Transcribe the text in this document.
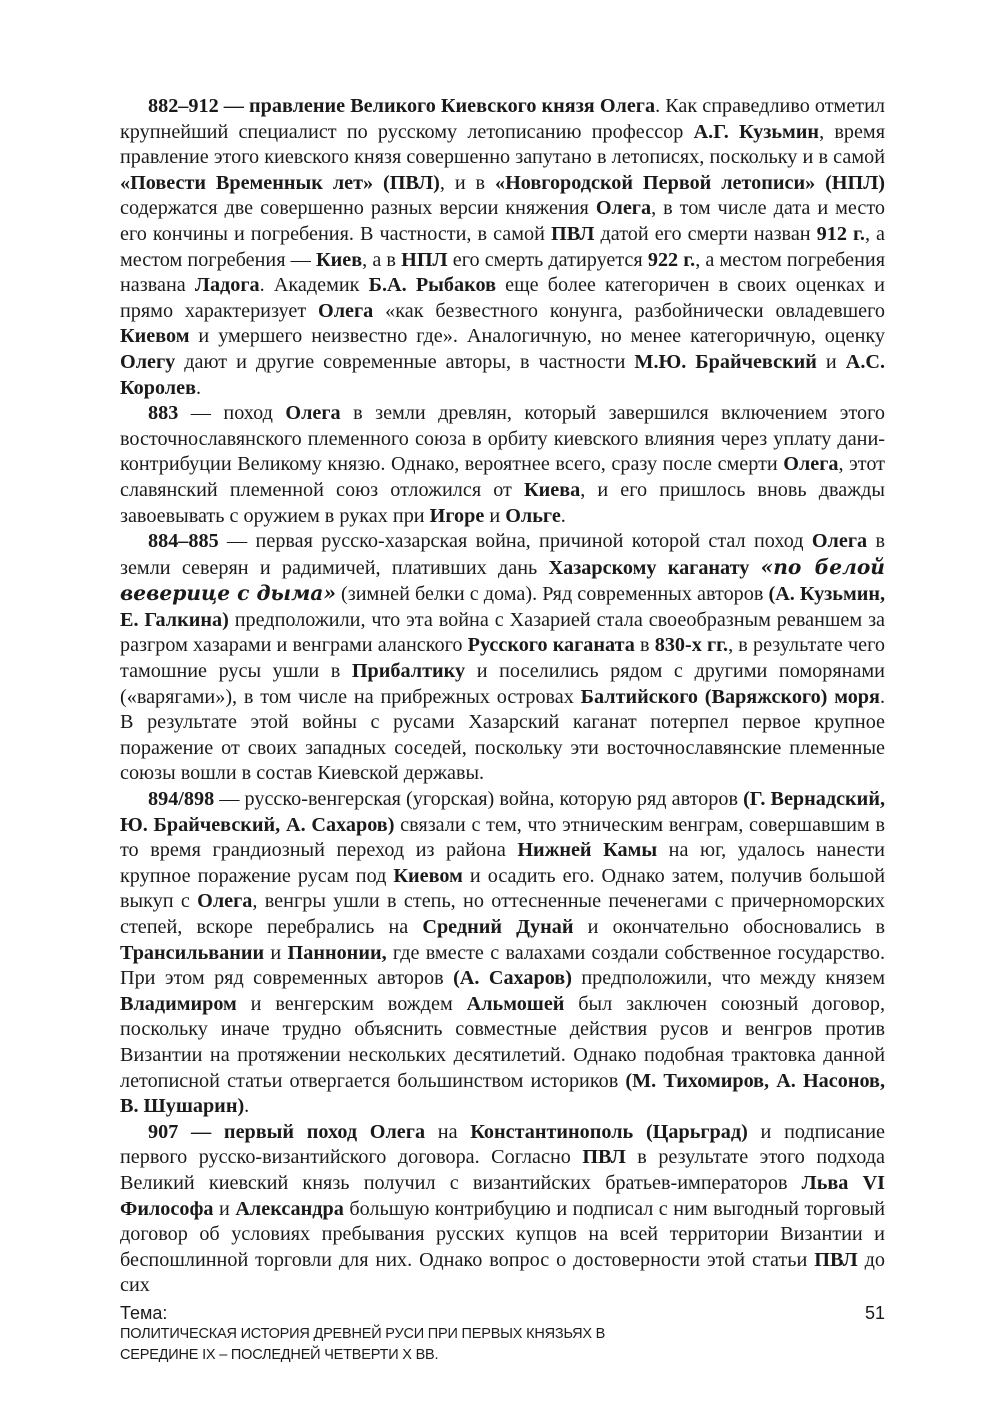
882–912 — правление Великого Киевского князя Олега. Как справедливо отметил крупнейший специалист по русскому летописанию профессор А.Г. Кузьмин, время правление этого киевского князя совершенно запутано в летописях, поскольку и в самой «Повести Временнык лет» (ПВЛ), и в «Новгородской Первой летописи» (НПЛ) содержатся две совершенно разных версии княжения Олега, в том числе дата и место его кончины и погребения. В частности, в самой ПВЛ датой его смерти назван 912 г., а местом погребения — Киев, а в НПЛ его смерть датируется 922 г., а местом погребения названа Ладога. Академик Б.А. Рыбаков еще более категоричен в своих оценках и прямо характеризует Олега «как безвестного конунга, разбойнически овладевшего Киевом и умершего неизвестно где». Аналогичную, но менее категоричную, оценку Олегу дают и другие современные авторы, в частности М.Ю. Брайчевский и А.С. Королев.

883 — поход Олега в земли древлян, который завершился включением этого восточнославянского племенного союза в орбиту киевского влияния через уплату дани-контрибуции Великому князю. Однако, вероятнее всего, сразу после смерти Олега, этот славянский племенной союз отложился от Киева, и его пришлось вновь дважды завоевывать с оружием в руках при Игоре и Ольге.

884–885 — первая русско-хазарская война, причиной которой стал поход Олега в земли северян и радимичей, плативших дань Хазарскому каганату «по белой веверице с дыма» (зимней белки с дома). Ряд современных авторов (А. Кузьмин, Е. Галкина) предположили, что эта война с Хазарией стала своеобразным реваншем за разгром хазарами и венграми аланского Русского каганата в 830-х гг., в результате чего тамошние русы ушли в Прибалтику и поселились рядом с другими поморянами («варягами»), в том числе на прибрежных островах Балтийского (Варяжского) моря. В результате этой войны с русами Хазарский каганат потерпел первое крупное поражение от своих западных соседей, поскольку эти восточнославянские племенные союзы вошли в состав Киевской державы.

894/898 — русско-венгерская (угорская) война, которую ряд авторов (Г. Вернадский, Ю. Брайчевский, А. Сахаров) связали с тем, что этническим венграм, совершавшим в то время грандиозный переход из района Нижней Камы на юг, удалось нанести крупное поражение русам под Киевом и осадить его. Однако затем, получив большой выкуп с Олега, венгры ушли в степь, но оттесненные печенегами с причерноморских степей, вскоре перебрались на Средний Дунай и окончательно обосновались в Трансильвании и Паннонии, где вместе с валахами создали собственное государство. При этом ряд современных авторов (А. Сахаров) предположили, что между князем Владимиром и венгерским вождем Альмошей был заключен союзный договор, поскольку иначе трудно объяснить совместные действия русов и венгров против Византии на протяжении нескольких десятилетий. Однако подобная трактовка данной летописной статьи отвергается большинством историков (М. Тихомиров, А. Насонов, В. Шушарин).

907 — первый поход Олега на Константинополь (Царьград) и подписание первого русско-византийского договора. Согласно ПВЛ в результате этого подхода Великий киевский князь получил с византийских братьев-императоров Льва VI Философа и Александра большую контрибуцию и подписал с ним выгодный торговый договор об условиях пребывания русских купцов на всей территории Византии и беспошлинной торговли для них. Однако вопрос о достоверности этой статьи ПВЛ до сих

Тема:
ПОЛИТИЧЕСКАЯ ИСТОРИЯ ДРЕВНЕЙ РУСИ ПРИ ПЕРВЫХ КНЯЗЬЯХ В СЕРЕДИНЕ IX – ПОСЛЕДНЕЙ ЧЕТВЕРТИ X ВВ.
51
